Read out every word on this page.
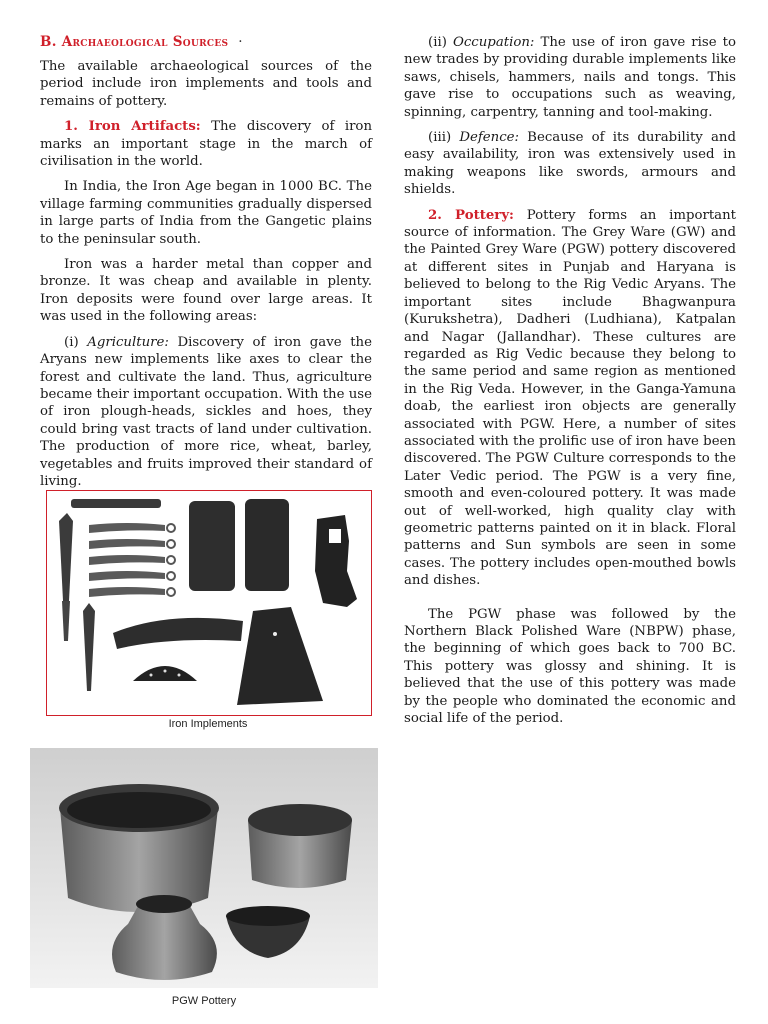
B. Archaeological Sources ·

The available archaeological sources of the period include iron implements and tools and remains of pottery.

1. Iron Artifacts: The discovery of iron marks an important stage in the march of civilisation in the world.

In India, the Iron Age began in 1000 BC. The village farming communities gradually dispersed in large parts of India from the Gangetic plains to the peninsular south.

Iron was a harder metal than copper and bronze. It was cheap and available in plenty. Iron deposits were found over large areas. It was used in the following areas:

(i) Agriculture: Discovery of iron gave the Aryans new implements like axes to clear the forest and cultivate the land. Thus, agriculture became their important occupation. With the use of iron plough-heads, sickles and hoes, they could bring vast tracts of land under cultivation. The production of more rice, wheat, barley, vegetables and fruits improved their standard of living.

Iron Implements
PGW Pottery

(ii) Occupation: The use of iron gave rise to new trades by providing durable implements like saws, chisels, hammers, nails and tongs. This gave rise to occupations such as weaving, spinning, carpentry, tanning and tool-making.

(iii) Defence: Because of its durability and easy availability, iron was extensively used in making weapons like swords, armours and shields.

2. Pottery: Pottery forms an important source of information. The Grey Ware (GW) and the Painted Grey Ware (PGW) pottery discovered at different sites in Punjab and Haryana is believed to belong to the Rig Vedic Aryans. The important sites include Bhagwanpura (Kurukshetra), Dadheri (Ludhiana), Katpalan and Nagar (Jallandhar). These cultures are regarded as Rig Vedic because they belong to the same period and same region as mentioned in the Rig Veda. However, in the Ganga-Yamuna doab, the earliest iron objects are generally associated with PGW. Here, a number of sites associated with the prolific use of iron have been discovered. The PGW Culture corresponds to the Later Vedic period. The PGW is a very fine, smooth and even-coloured pottery. It was made out of well-worked, high quality clay with geometric patterns painted on it in black. Floral patterns and Sun symbols are seen in some cases. The pottery includes open-mouthed bowls and dishes.

The PGW phase was followed by the Northern Black Polished Ware (NBPW) phase, the beginning of which goes back to 700 BC. This pottery was glossy and shining. It is believed that the use of this pottery was made by the people who dominated the economic and social life of the period.
